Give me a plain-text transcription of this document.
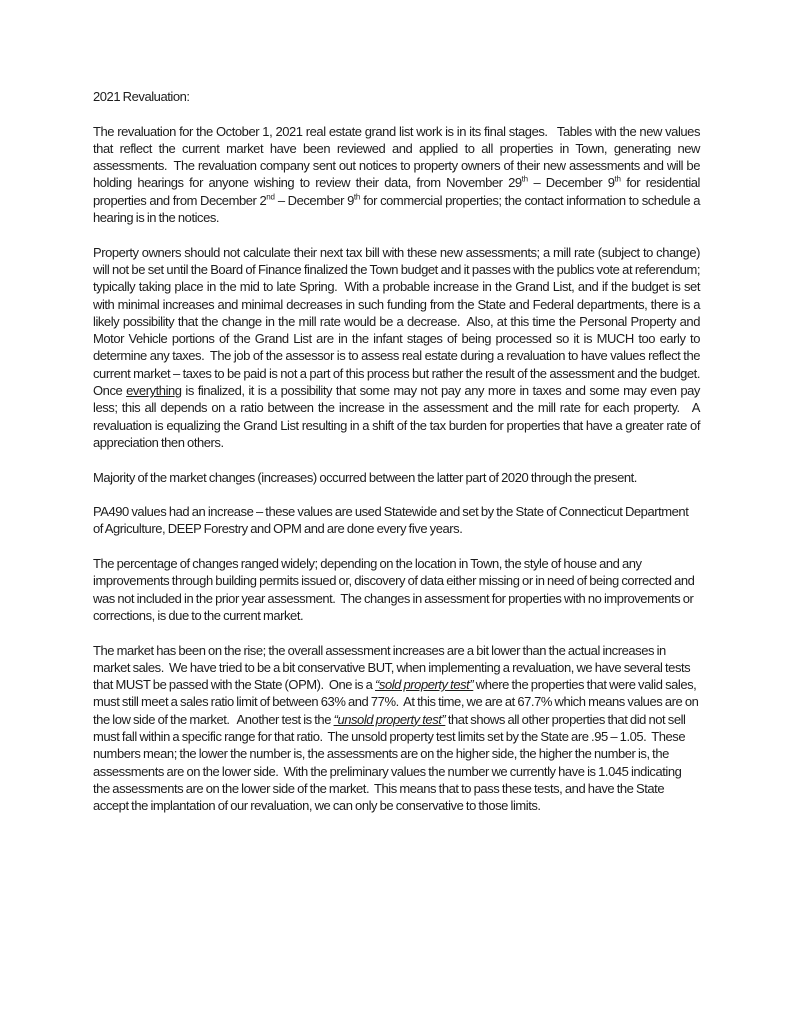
2021 Revaluation:

The revaluation for the October 1, 2021 real estate grand list work is in its final stages.   Tables with the new values that reflect the current market have been reviewed and applied to all properties in Town, generating new assessments.  The revaluation company sent out notices to property owners of their new assessments and will be holding hearings for anyone wishing to review their data, from November 29th – December 9th for residential properties and from December 2nd – December 9th for commercial properties; the contact information to schedule a hearing is in the notices.

Property owners should not calculate their next tax bill with these new assessments; a mill rate (subject to change) will not be set until the Board of Finance finalized the Town budget and it passes with the publics vote at referendum; typically taking place in the mid to late Spring.  With a probable increase in the Grand List, and if the budget is set with minimal increases and minimal decreases in such funding from the State and Federal departments, there is a likely possibility that the change in the mill rate would be a decrease.  Also, at this time the Personal Property and Motor Vehicle portions of the Grand List are in the infant stages of being processed so it is MUCH too early to determine any taxes.  The job of the assessor is to assess real estate during a revaluation to have values reflect the current market – taxes to be paid is not a part of this process but rather the result of the assessment and the budget.  Once everything is finalized, it is a possibility that some may not pay any more in taxes and some may even pay less; this all depends on a ratio between the increase in the assessment and the mill rate for each property.   A revaluation is equalizing the Grand List resulting in a shift of the tax burden for properties that have a greater rate of appreciation then others.

Majority of the market changes (increases) occurred between the latter part of 2020 through the present.

PA490 values had an increase – these values are used Statewide and set by the State of Connecticut Department of Agriculture, DEEP Forestry and OPM and are done every five years.

The percentage of changes ranged widely; depending on the location in Town, the style of house and any improvements through building permits issued or, discovery of data either missing or in need of being corrected and was not included in the prior year assessment.  The changes in assessment for properties with no improvements or corrections, is due to the current market.

The market has been on the rise; the overall assessment increases are a bit lower than the actual increases in market sales.  We have tried to be a bit conservative BUT, when implementing a revaluation, we have several tests that MUST be passed with the State (OPM).  One is a “sold property test” where the properties that were valid sales, must still meet a sales ratio limit of between 63% and 77%.  At this time, we are at 67.7% which means values are on the low side of the market.   Another test is the “unsold property test” that shows all other properties that did not sell must fall within a specific range for that ratio.  The unsold property test limits set by the State are .95 – 1.05.  These numbers mean; the lower the number is, the assessments are on the higher side, the higher the number is, the assessments are on the lower side.  With the preliminary values the number we currently have is 1.045 indicating the assessments are on the lower side of the market.  This means that to pass these tests, and have the State accept the implantation of our revaluation, we can only be conservative to those limits.
